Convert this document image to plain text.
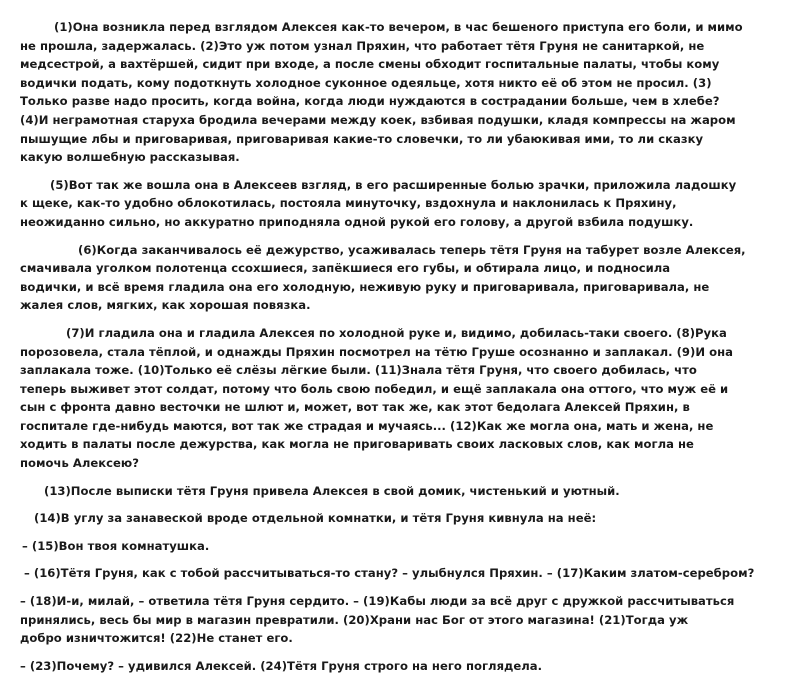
(1)Она возникла перед взглядом Алексея как-то вечером, в час бешеного приступа его боли, и мимо
не прошла, задержалась. (2)Это уж потом узнал Пряхин, что работает тётя Груня не санитаркой, не
медсестрой, а вахтёршей, сидит при входе, а после смены обходит госпитальные палаты, чтобы кому
водички подать, кому подоткнуть холодное суконное одеяльце, хотя никто её об этом не просил. (3)
Только разве надо просить, когда война, когда люди нуждаются в сострадании больше, чем в хлебе?
(4)И неграмотная старуха бродила вечерами между коек, взбивая подушки, кладя компрессы на жаром
пышущие лбы и приговаривая, приговаривая какие-то словечки, то ли убаюкивая ими, то ли сказку
какую волшебную рассказывая.

(5)Вот так же вошла она в Алексеев взгляд, в его расширенные болью зрачки, приложила ладошку
к щеке, как-то удобно облокотилась, постояла минуточку, вздохнула и наклонилась к Пряхину,
неожиданно сильно, но аккуратно приподняла одной рукой его голову, а другой взбила подушку.

(6)Когда заканчивалось её дежурство, усаживалась теперь тётя Груня на табурет возле Алексея,
смачивала уголком полотенца ссохшиеся, запёкшиеся его губы, и обтирала лицо, и подносила
водички, и всё время гладила она его холодную, неживую руку и приговаривала, приговаривала, не
жалея слов, мягких, как хорошая повязка.

(7)И гладила она и гладила Алексея по холодной руке и, видимо, добилась-таки своего. (8)Рука
порозовела, стала тёплой, и однажды Пряхин посмотрел на тётю Груше осознанно и заплакал. (9)И она
заплакала тоже. (10)Только её слёзы лёгкие были. (11)Знала тётя Груня, что своего добилась, что
теперь выживет этот солдат, потому что боль свою победил, и ещё заплакала она оттого, что муж её и
сын с фронта давно весточки не шлют и, может, вот так же, как этот бедолага Алексей Пряхин, в
госпитале где-нибудь маются, вот так же страдая и мучаясь... (12)Как же могла она, мать и жена, не
ходить в палаты после дежурства, как могла не приговаривать своих ласковых слов, как могла не
помочь Алексею?

(13)После выписки тётя Груня привела Алексея в свой домик, чистенький и уютный.

(14)В углу за занавеской вроде отдельной комнатки, и тётя Груня кивнула на неё:

– (15)Вон твоя комнатушка.

– (16)Тётя Груня, как с тобой рассчитываться-то стану? – улыбнулся Пряхин. – (17)Каким златом-серебром?

– (18)И-и, милай, – ответила тётя Груня сердито. – (19)Кабы люди за всё друг с дружкой рассчитываться
принялись, весь бы мир в магазин превратили. (20)Храни нас Бог от этого магазина! (21)Тогда уж
добро изничтожится! (22)Не станет его.

– (23)Почему? – удивился Алексей. (24)Тётя Груня строго на него поглядела.
